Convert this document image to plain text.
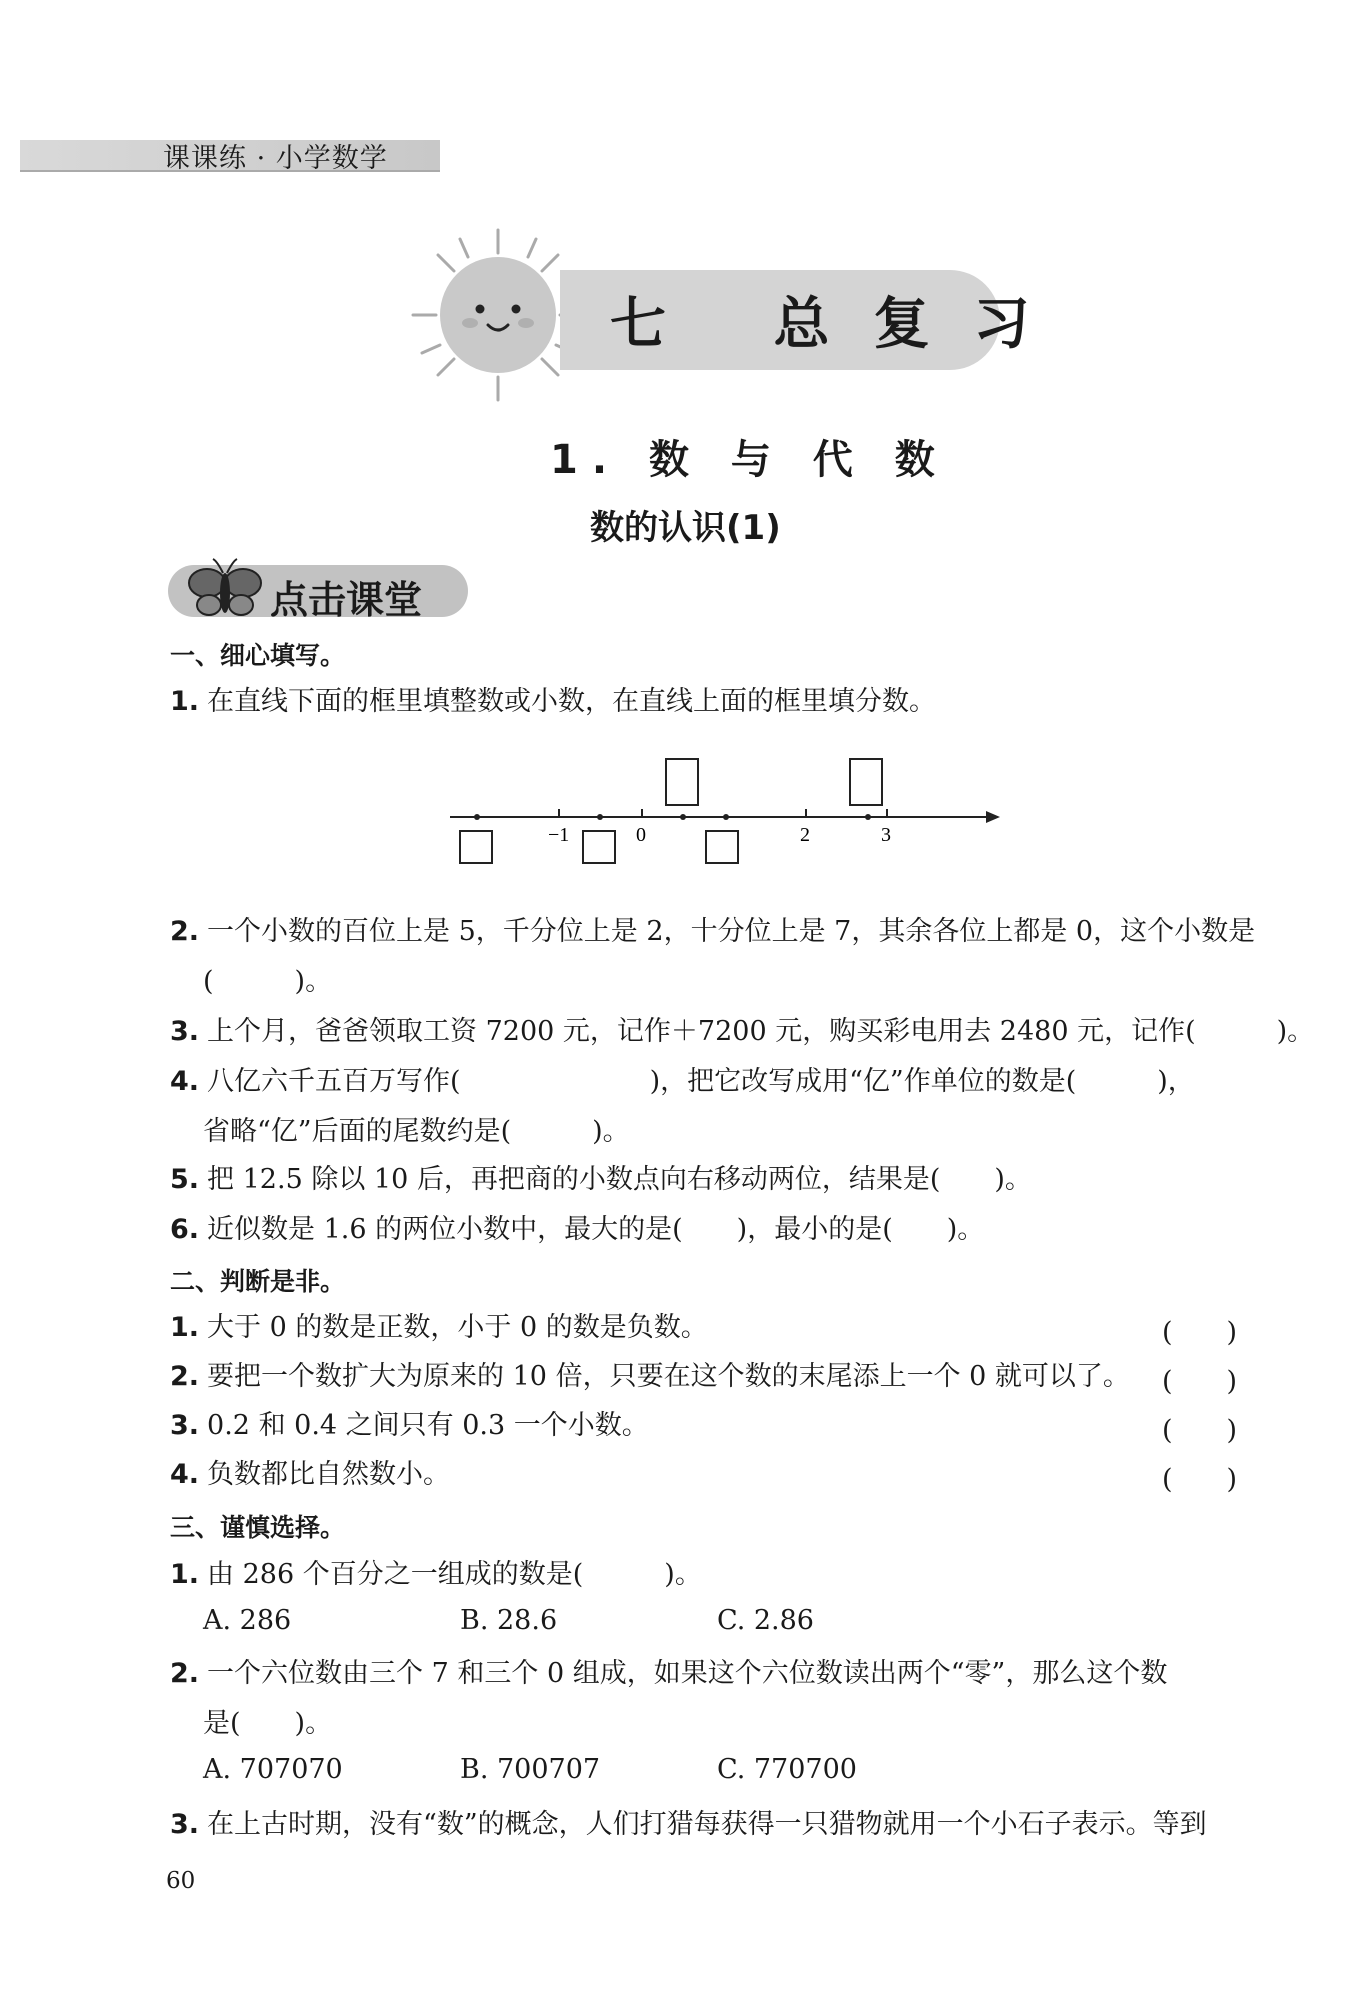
课课练 · 小学数学
七 总复习
1. 数 与 代 数
数的认识(1)
点击课堂
一、细心填写。
1. 在直线下面的框里填整数或小数，在直线上面的框里填分数。
−1	0	2	3
2. 一个小数的百位上是 5，千分位上是 2，十分位上是 7，其余各位上都是 0，这个小数是
(　　　)。
3. 上个月，爸爸领取工资 7200 元，记作＋7200 元，购买彩电用去 2480 元，记作(　　　)。
4. 八亿六千五百万写作(　　　　　　　)，把它改写成用“亿”作单位的数是(　　　)，
省略“亿”后面的尾数约是(　　　)。
5. 把 12.5 除以 10 后，再把商的小数点向右移动两位，结果是(　　)。
6. 近似数是 1.6 的两位小数中，最大的是(　　)，最小的是(　　)。
二、判断是非。
1. 大于 0 的数是正数，小于 0 的数是负数。	(　　)
2. 要把一个数扩大为原来的 10 倍，只要在这个数的末尾添上一个 0 就可以了。 (　　)
3. 0.2 和 0.4 之间只有 0.3 一个小数。	(　　)
4. 负数都比自然数小。	(　　)
三、谨慎选择。
1. 由 286 个百分之一组成的数是(　　　)。
A. 286	B. 28.6	C. 2.86
2. 一个六位数由三个 7 和三个 0 组成，如果这个六位数读出两个“零”，那么这个数
是(　　)。
A. 707070	B. 700707	C. 770700
3. 在上古时期，没有“数”的概念，人们打猎每获得一只猎物就用一个小石子表示。等到
60
